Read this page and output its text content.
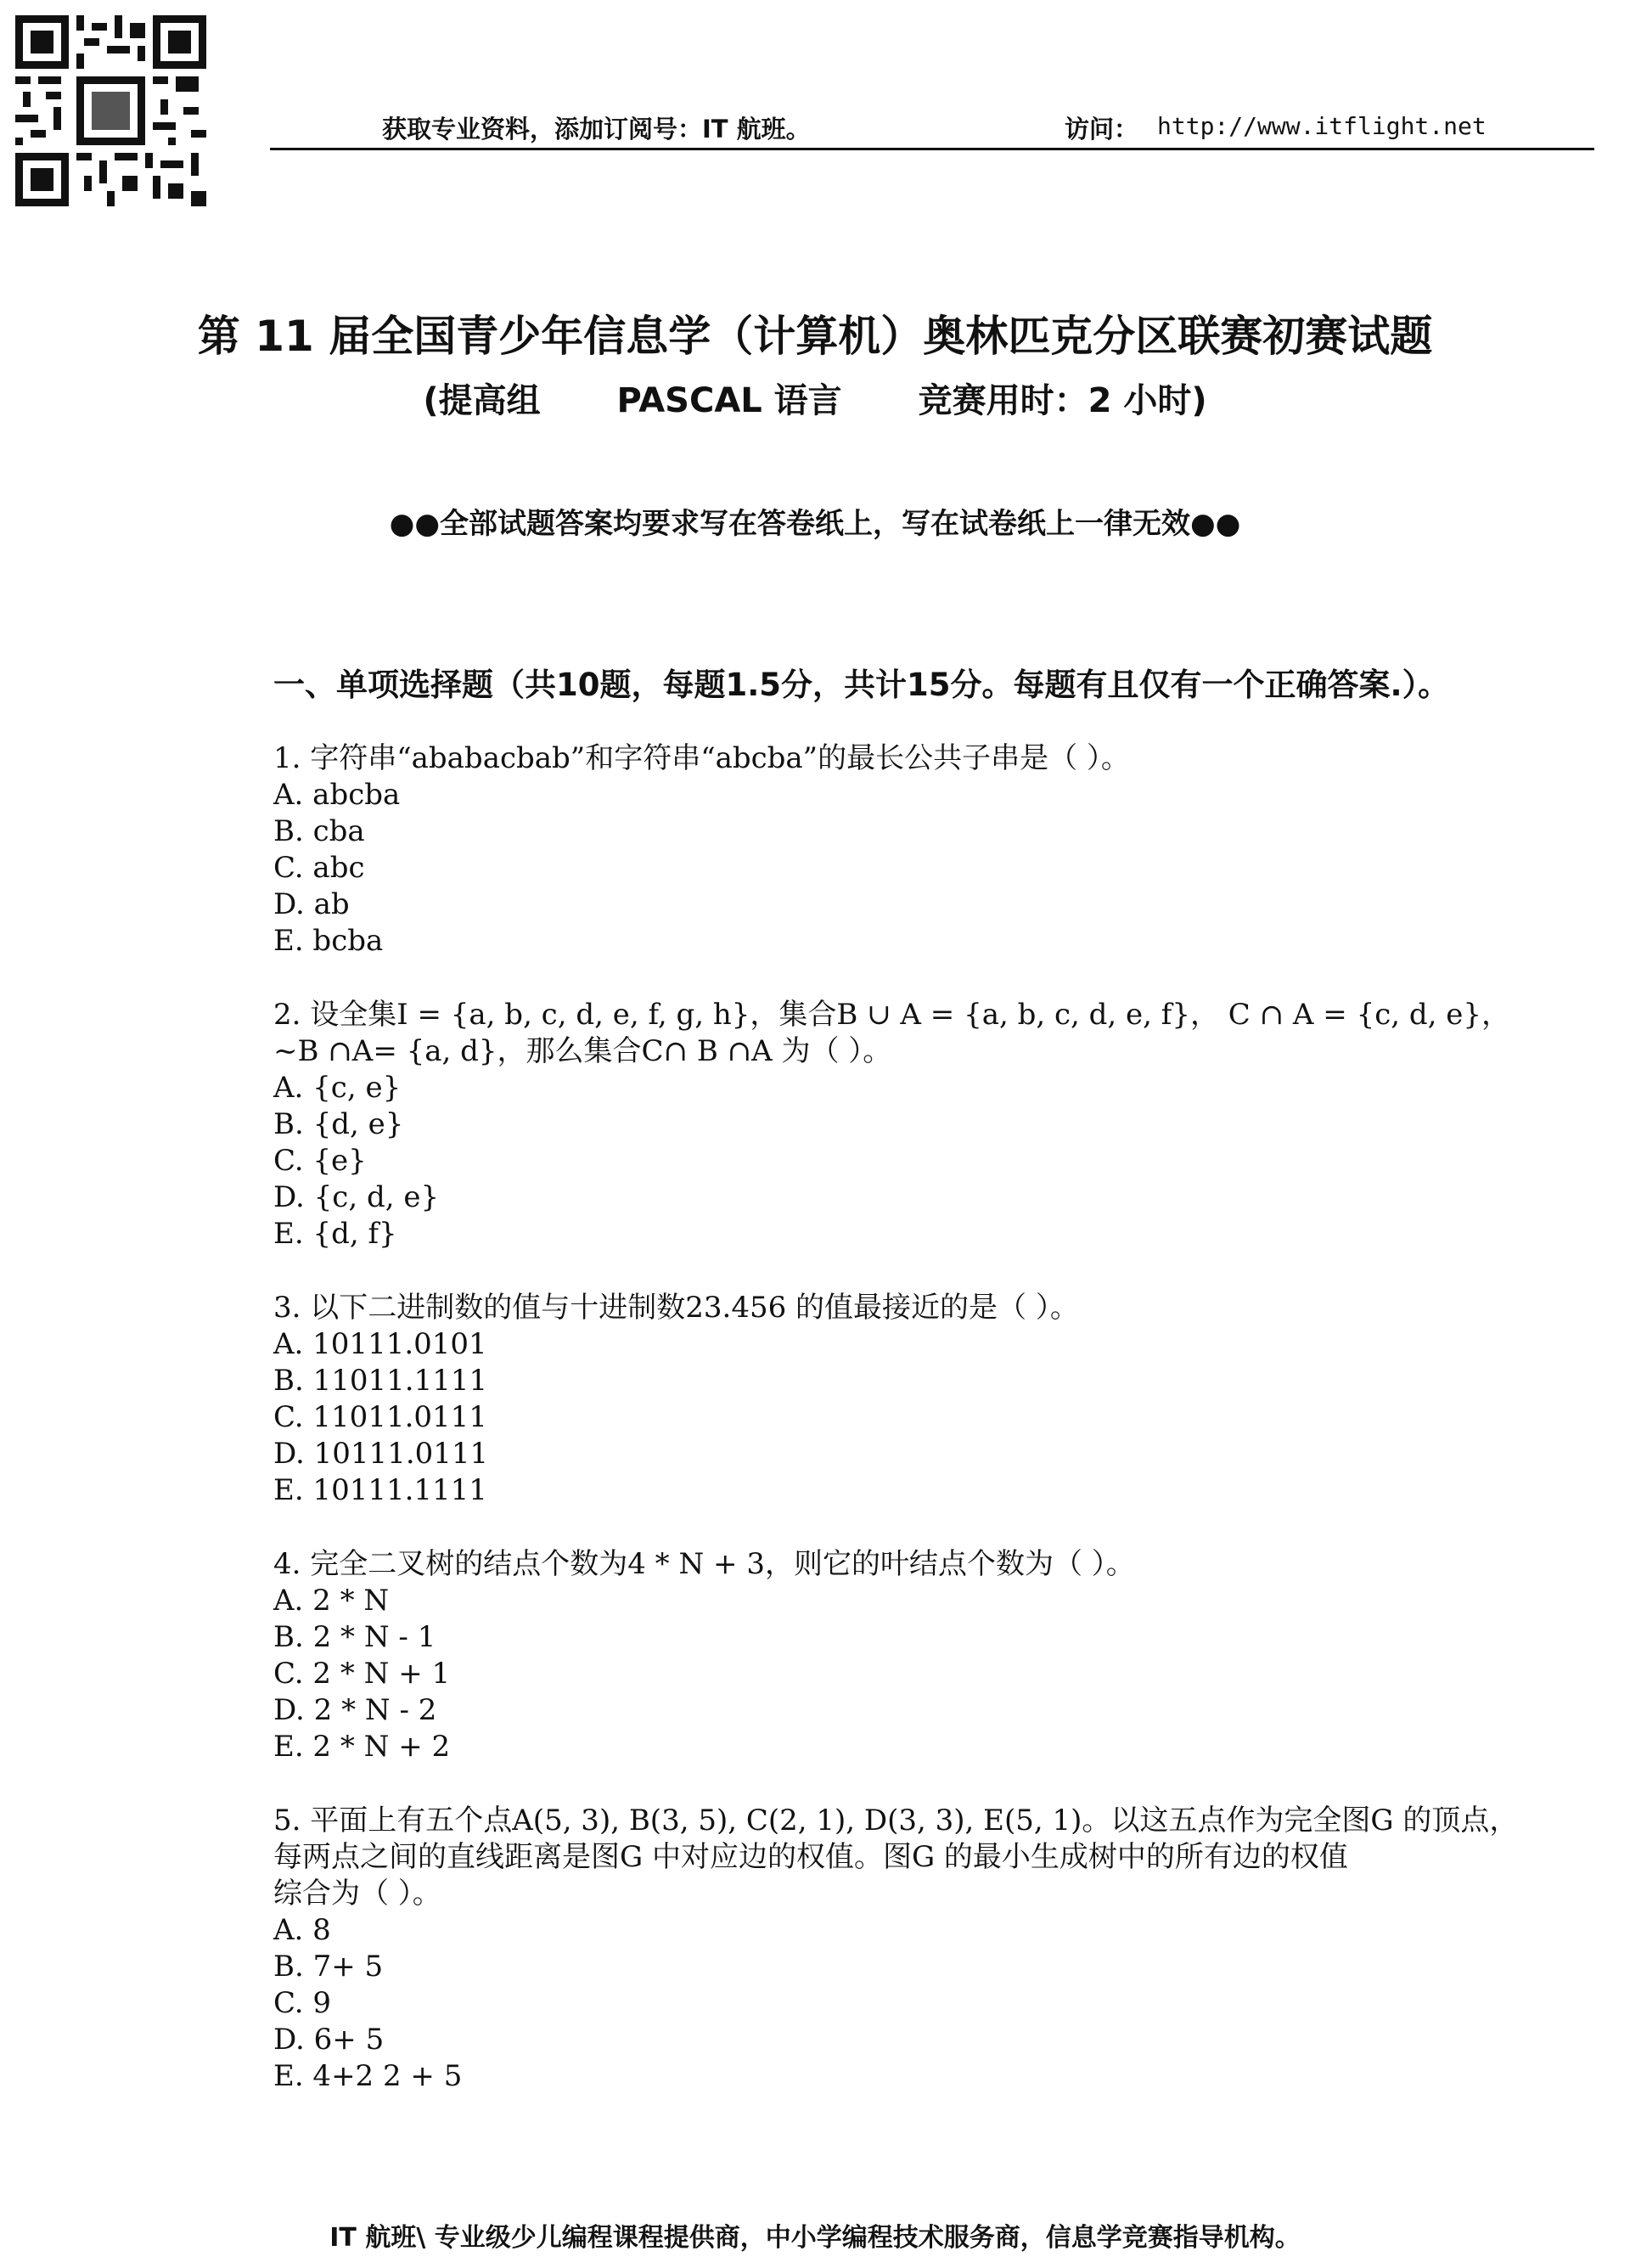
获取专业资料，添加订阅号：IT 航班。	访问： http://www.itflight.net
第 11 届全国青少年信息学（计算机）奥林匹克分区联赛初赛试题
(提高组 PASCAL 语言 竞赛用时：2 小时)
●●全部试题答案均要求写在答卷纸上，写在试卷纸上一律无效●●
一、单项选择题（共10题，每题1.5分，共计15分。每题有且仅有一个正确答案.）。
1. 字符串“ababacbab”和字符串“abcba”的最长公共子串是（ ）。
A. abcba
B. cba
C. abc
D. ab
E. bcba
2. 设全集I = {a, b, c, d, e, f, g, h}，集合B ∪ A = {a, b, c, d, e, f}， C ∩ A = {c, d, e}，
~B ∩A= {a, d}，那么集合C∩ B ∩A 为（ ）。
A. {c, e}
B. {d, e}
C. {e}
D. {c, d, e}
E. {d, f}
3. 以下二进制数的值与十进制数23.456 的值最接近的是（ ）。
A. 10111.0101
B. 11011.1111
C. 11011.0111
D. 10111.0111
E. 10111.1111
4. 完全二叉树的结点个数为4 * N + 3，则它的叶结点个数为（ ）。
A. 2 * N
B. 2 * N - 1
C. 2 * N + 1
D. 2 * N - 2
E. 2 * N + 2
5. 平面上有五个点A(5, 3), B(3, 5), C(2, 1), D(3, 3), E(5, 1)。以这五点作为完全图G 的顶点，
每两点之间的直线距离是图G 中对应边的权值。图G 的最小生成树中的所有边的权值
综合为（ ）。
A. 8
B. 7+ 5
C. 9
D. 6+ 5
E. 4+2 2 + 5
IT 航班\ 专业级少儿编程课程提供商，中小学编程技术服务商，信息学竞赛指导机构。
